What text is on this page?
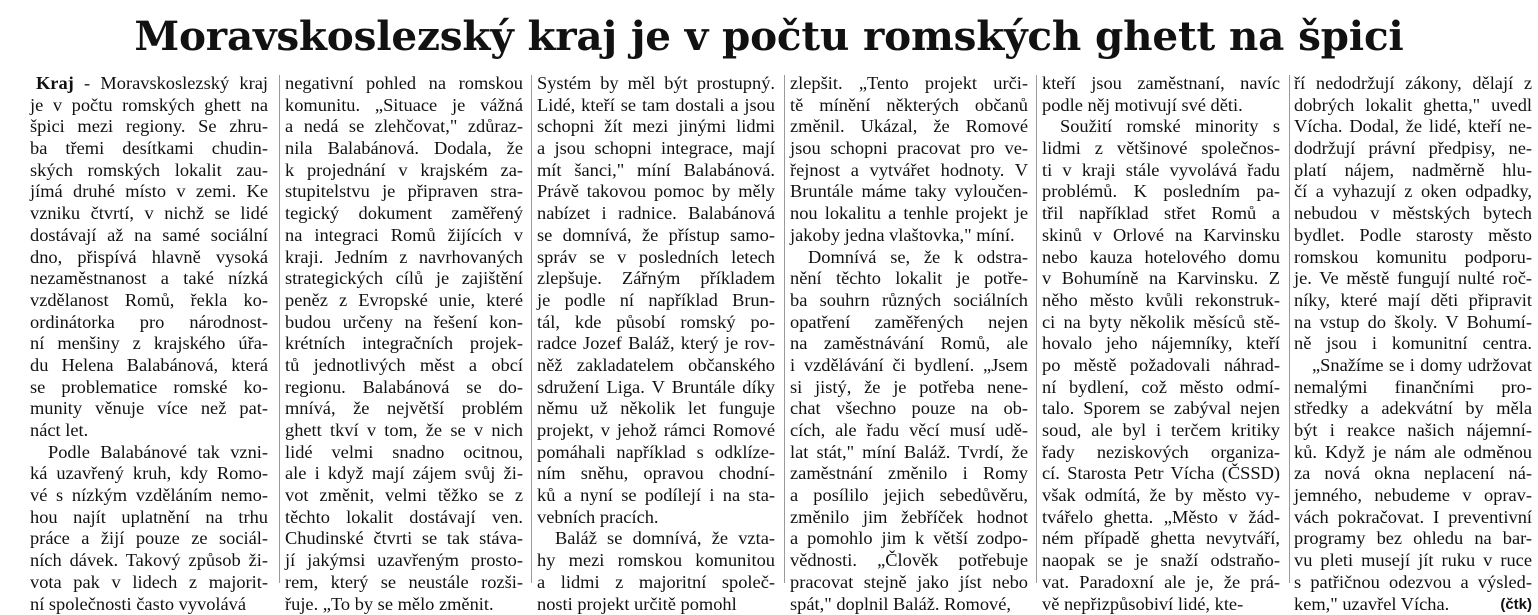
Moravskoslezský kraj je v počtu romských ghett na špici
Kraj - Moravskoslezský kraj
je v počtu romských ghett na
špici mezi regiony. Se zhru-
ba třemi desítkami chudin-
ských romských lokalit zau-
jímá druhé místo v zemi. Ke
vzniku čtvrtí, v nichž se lidé
dostávají až na samé sociální
dno, přispívá hlavně vysoká
nezaměstnanost a také nízká
vzdělanost Romů, řekla ko-
ordinátorka pro národnost-
ní menšiny z krajského úřa-
du Helena Balabánová, která
se problematice romské ko-
munity věnuje více než pat-
náct let.
Podle Balabánové tak vzni-
ká uzavřený kruh, kdy Romo-
vé s nízkým vzděláním nemo-
hou najít uplatnění na trhu
práce a žijí pouze ze sociál-
ních dávek. Takový způsob ži-
vota pak v lidech z majorit-
ní společnosti často vyvolává
negativní pohled na romskou
komunitu. „Situace je vážná
a nedá se zlehčovat," zdůraz-
nila Balabánová. Dodala, že
k projednání v krajském za-
stupitelstvu je připraven stra-
tegický dokument zaměřený
na integraci Romů žijících v
kraji. Jedním z navrhovaných
strategických cílů je zajištění
peněz z Evropské unie, které
budou určeny na řešení kon-
krétních integračních projek-
tů jednotlivých měst a obcí
regionu. Balabánová se do-
mnívá, že největší problém
ghett tkví v tom, že se v nich
lidé velmi snadno ocitnou,
ale i když mají zájem svůj ži-
vot změnit, velmi těžko se z
těchto lokalit dostávají ven.
Chudinské čtvrti se tak stáva-
jí jakýmsi uzavřeným prosto-
rem, který se neustále rozši-
řuje. „To by se mělo změnit.
Systém by měl být prostupný.
Lidé, kteří se tam dostali a jsou
schopni žít mezi jinými lidmi
a jsou schopni integrace, mají
mít šanci," míní Balabánová.
Právě takovou pomoc by měly
nabízet i radnice. Balabánová
se domnívá, že přístup samo-
správ se v posledních letech
zlepšuje. Zářným příkladem
je podle ní například Brun-
tál, kde působí romský po-
radce Jozef Baláž, který je rov-
něž zakladatelem občanského
sdružení Liga. V Bruntále díky
němu už několik let funguje
projekt, v jehož rámci Romové
pomáhali například s odklíze-
ním sněhu, opravou chodní-
ků a nyní se podílejí i na sta-
vebních pracích.
Baláž se domnívá, že vzta-
hy mezi romskou komunitou
a lidmi z majoritní společ-
nosti projekt určitě pomohl
zlepšit. „Tento projekt urči-
tě mínění některých občanů
změnil. Ukázal, že Romové
jsou schopni pracovat pro ve-
řejnost a vytvářet hodnoty. V
Bruntále máme taky vyloučen-
nou lokalitu a tenhle projekt je
jakoby jedna vlaštovka," míní.
Domnívá se, že k odstra-
nění těchto lokalit je potře-
ba souhrn různých sociálních
opatření zaměřených nejen
na zaměstnávání Romů, ale
i vzdělávání či bydlení. „Jsem
si jistý, že je potřeba nene-
chat všechno pouze na ob-
cích, ale řadu věcí musí udě-
lat stát," míní Baláž. Tvrdí, že
zaměstnání změnilo i Romy
a posílilo jejich sebedůvěru,
změnilo jim žebříček hodnot
a pomohlo jim k větší zodpo-
vědnosti. „Člověk potřebuje
pracovat stejně jako jíst nebo
spát," doplnil Baláž. Romové,
kteří jsou zaměstnaní, navíc
podle něj motivují své děti.
Soužití romské minority s
lidmi z většinové společnos-
ti v kraji stále vyvolává řadu
problémů. K posledním pa-
třil například střet Romů a
skinů v Orlové na Karvinsku
nebo kauza hotelového domu
v Bohumíně na Karvinsku. Z
něho město kvůli rekonstruk-
ci na byty několik měsíců stě-
hovalo jeho nájemníky, kteří
po městě požadovali náhrad-
ní bydlení, což město odmí-
talo. Sporem se zabýval nejen
soud, ale byl i terčem kritiky
řady neziskových organiza-
cí. Starosta Petr Vícha (ČSSD)
však odmítá, že by město vy-
tvářelo ghetta. „Město v žád-
ném případě ghetta nevytváří,
naopak se je snaží odstraňo-
vat. Paradoxní ale je, že prá-
vě nepřizpůsobiví lidé, kte-
ří nedodržují zákony, dělají z
dobrých lokalit ghetta," uvedl
Vícha. Dodal, že lidé, kteří ne-
dodržují právní předpisy, ne-
platí nájem, nadměrně hlu-
čí a vyhazují z oken odpadky,
nebudou v městských bytech
bydlet. Podle starosty město
romskou komunitu podporu-
je. Ve městě fungují nulté roč-
níky, které mají děti připravit
na vstup do školy. V Bohumí-
ně jsou i komunitní centra.
„Snažíme se i domy udržovat
nemalými finančními pro-
středky a adekvátní by měla
být i reakce našich nájemní-
ků. Když je nám ale odměnou
za nová okna neplacení ná-
jemného, nebudeme v oprav-
vách pokračovat. I preventivní
programy bez ohledu na bar-
vu pleti musejí jít ruku v ruce
s patřičnou odezvou a výsled-
kem," uzavřel Vícha.	(čtk)
